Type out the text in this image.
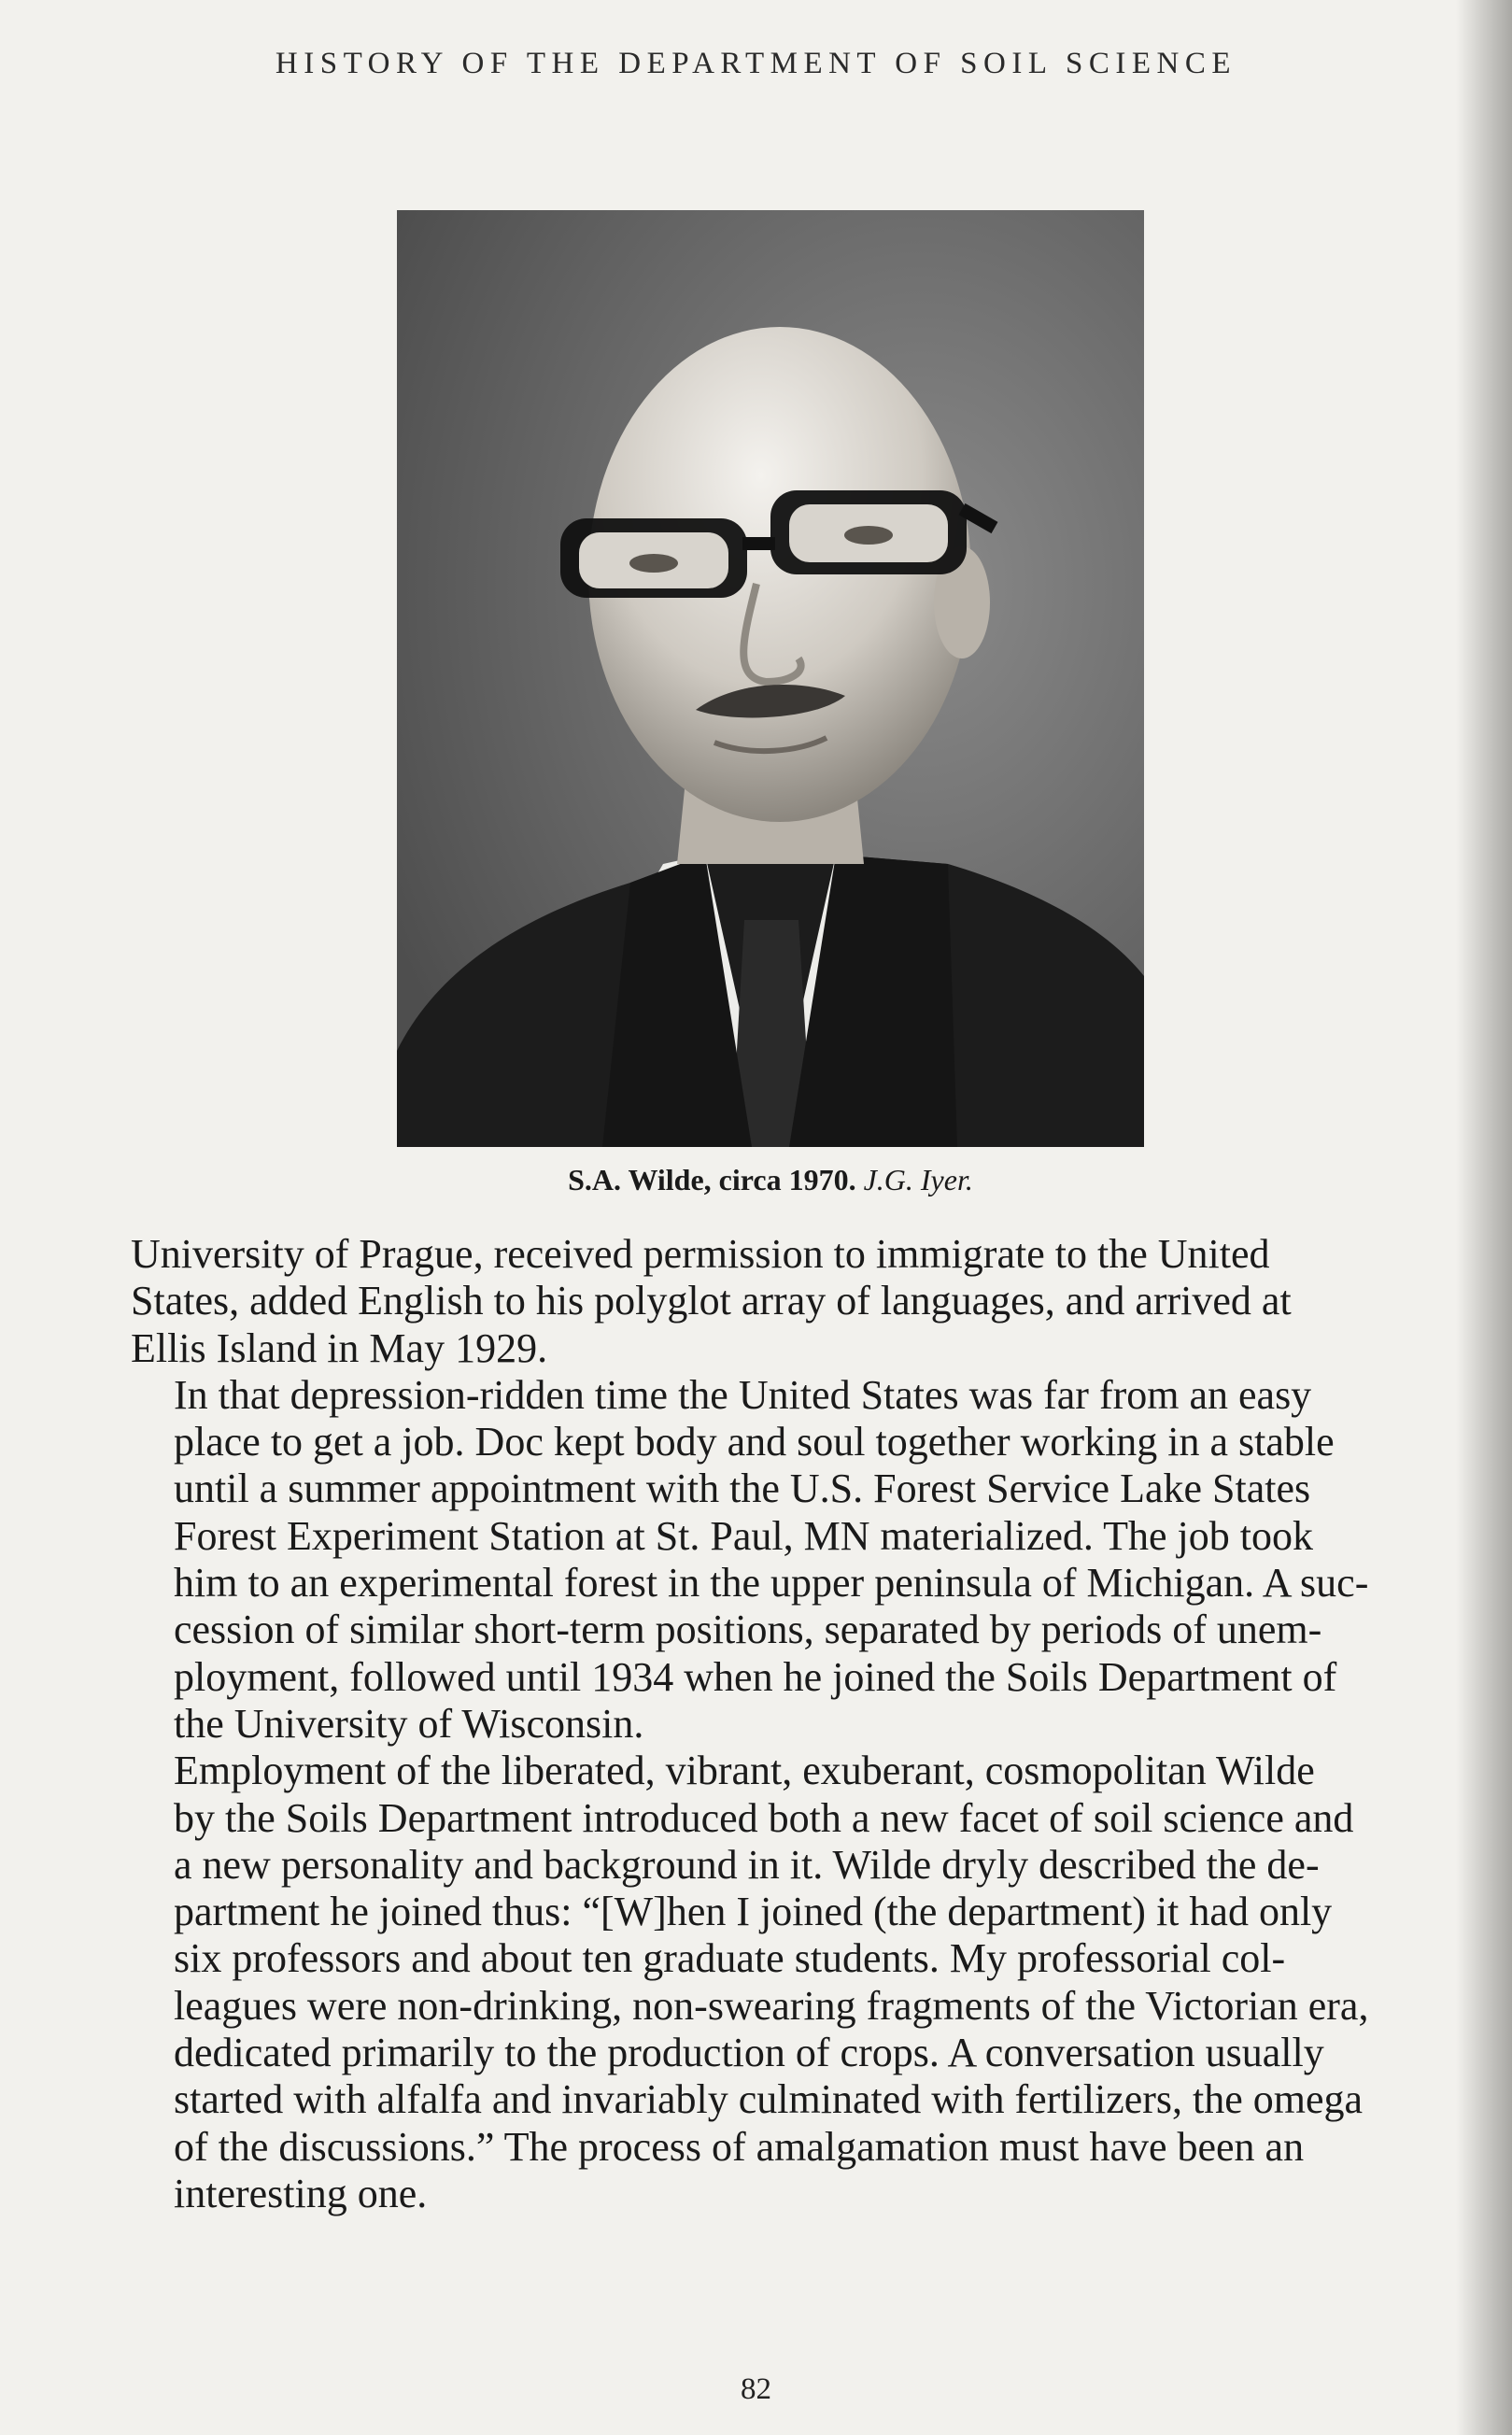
HISTORY OF THE DEPARTMENT OF SOIL SCIENCE
S.A. Wilde, circa 1970. J.G. Iyer.

University of Prague, received permission to immigrate to the United
States, added English to his polyglot array of languages, and arrived at
Ellis Island in May 1929.

In that depression-ridden time the United States was far from an easy
place to get a job. Doc kept body and soul together working in a stable
until a summer appointment with the U.S. Forest Service Lake States
Forest Experiment Station at St. Paul, MN materialized. The job took
him to an experimental forest in the upper peninsula of Michigan. A suc-
cession of similar short-term positions, separated by periods of unem-
ployment, followed until 1934 when he joined the Soils Department of
the University of Wisconsin.

Employment of the liberated, vibrant, exuberant, cosmopolitan Wilde
by the Soils Department introduced both a new facet of soil science and
a new personality and background in it. Wilde dryly described the de-
partment he joined thus: “[W]hen I joined (the department) it had only
six professors and about ten graduate students. My professorial col-
leagues were non-drinking, non-swearing fragments of the Victorian era,
dedicated primarily to the production of crops. A conversation usually
started with alfalfa and invariably culminated with fertilizers, the omega
of the discussions.” The process of amalgamation must have been an
interesting one.

82
